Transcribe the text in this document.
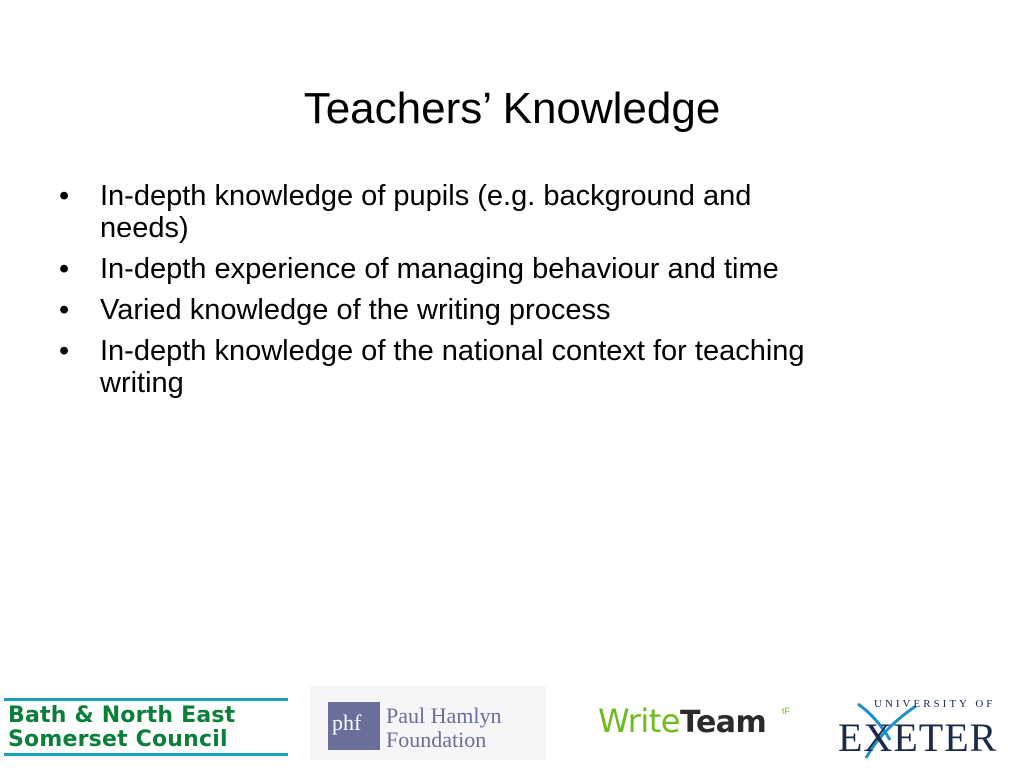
Teachers’ Knowledge
• In-depth knowledge of pupils (e.g. background and
needs)
• In-depth experience of managing behaviour and time
• Varied knowledge of the writing process
• In-depth knowledge of the national context for teaching
writing
Bath & North East
Somerset Council
phf Paul Hamlyn
Foundation	WriteTeam tF
UNIVERSITY OF
EXETER
